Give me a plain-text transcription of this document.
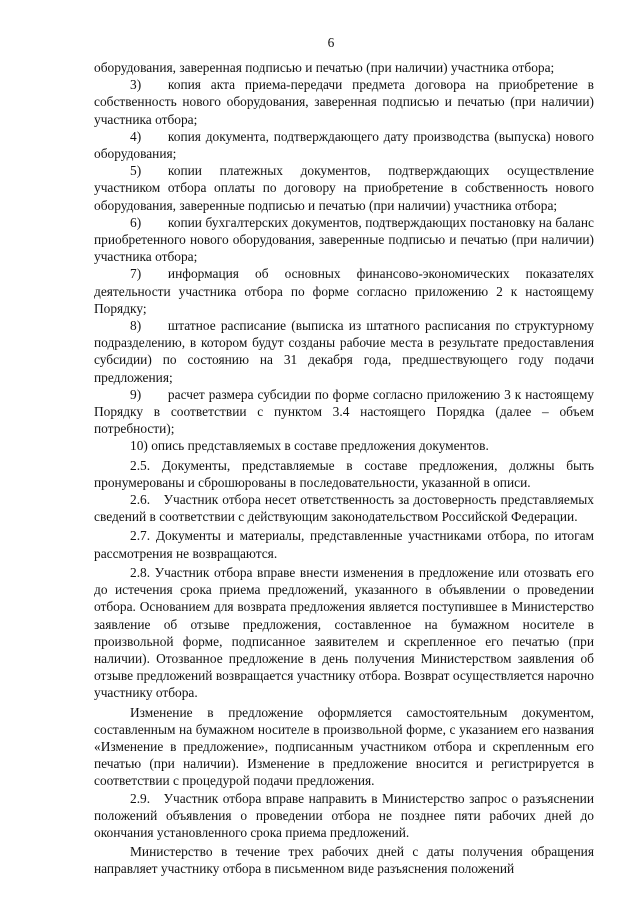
6

оборудования, заверенная подписью и печатью (при наличии) участника отбора;

3)  копия акта приема-передачи предмета договора на приобретение в собственность нового оборудования, заверенная подписью и печатью (при наличии) участника отбора;

4)  копия документа, подтверждающего дату производства (выпуска) нового оборудования;

5)  копии платежных документов, подтверждающих осуществление участником отбора оплаты по договору на приобретение в собственность нового оборудования, заверенные подписью и печатью (при наличии) участника отбора;

6)  копии бухгалтерских документов, подтверждающих постановку на баланс приобретенного нового оборудования, заверенные подписью и печатью (при наличии) участника отбора;

7)  информация об основных финансово-экономических показателях деятельности участника отбора по форме согласно приложению 2 к настоящему Порядку;

8)  штатное расписание (выписка из штатного расписания по структурному подразделению, в котором будут созданы рабочие места в результате предоставления субсидии) по состоянию на 31 декабря года, предшествующего году подачи предложения;

9)  расчет размера субсидии по форме согласно приложению 3 к настоящему Порядку в соответствии с пунктом 3.4 настоящего Порядка (далее – объем потребности);

10) опись представляемых в составе предложения документов.

2.5. Документы, представляемые в составе предложения, должны быть пронумерованы и сброшюрованы в последовательности, указанной в описи.

2.6. Участник отбора несет ответственность за достоверность представляемых сведений в соответствии с действующим законодательством Российской Федерации.

2.7. Документы и материалы, представленные участниками отбора, по итогам рассмотрения не возвращаются.

2.8. Участник отбора вправе внести изменения в предложение или отозвать его до истечения срока приема предложений, указанного в объявлении о проведении отбора. Основанием для возврата предложения является поступившее в Министерство заявление об отзыве предложения, составленное на бумажном носителе в произвольной форме, подписанное заявителем и скрепленное его печатью (при наличии). Отозванное предложение в день получения Министерством заявления об отзыве предложений возвращается участнику отбора. Возврат осуществляется нарочно участнику отбора.

Изменение в предложение оформляется самостоятельным документом, составленным на бумажном носителе в произвольной форме, с указанием его названия «Изменение в предложение», подписанным участником отбора и скрепленным его печатью (при наличии). Изменение в предложение вносится и регистрируется в соответствии с процедурой подачи предложения.

2.9. Участник отбора вправе направить в Министерство запрос о разъяснении положений объявления о проведении отбора не позднее пяти рабочих дней до окончания установленного срока приема предложений.

Министерство в течение трех рабочих дней с даты получения обращения направляет участнику отбора в письменном виде разъяснения положений
